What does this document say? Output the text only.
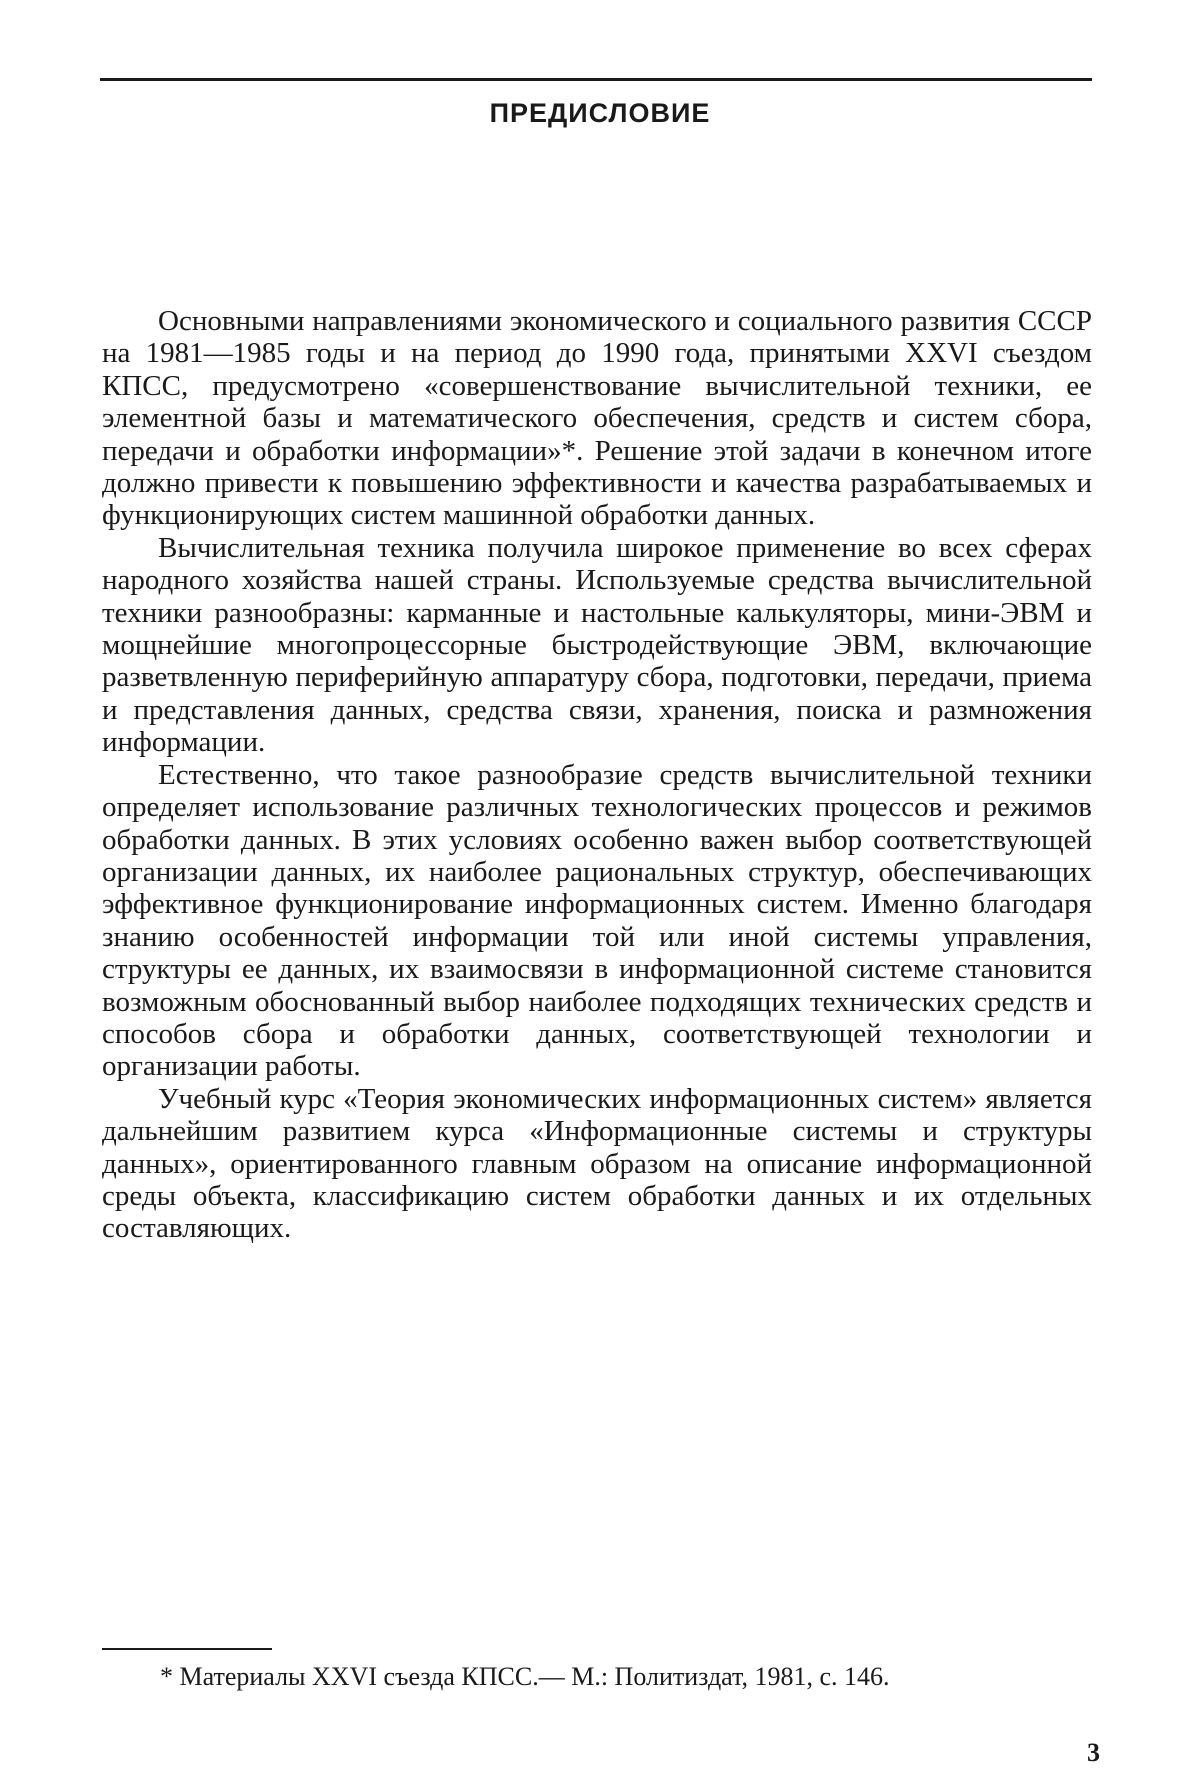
ПРЕДИСЛОВИЕ

Основными направлениями экономического и социального развития СССР на 1981—1985 годы и на период до 1990 года, принятыми XXVI съездом КПСС, предусмотрено «совершенствование вычислительной техники, ее элементной базы и математического обеспечения, средств и систем сбора, передачи и обработки информации»*. Решение этой задачи в конечном итоге должно привести к повышению эффективности и качества разрабатываемых и функционирующих систем машинной обработки данных.

Вычислительная техника получила широкое применение во всех сферах народного хозяйства нашей страны. Используемые средства вычислительной техники разнообразны: карманные и настольные калькуляторы, мини-ЭВМ и мощнейшие многопроцессорные быстродействующие ЭВМ, включающие разветвленную периферийную аппаратуру сбора, подготовки, передачи, приема и представления данных, средства связи, хранения, поиска и размножения информации.

Естественно, что такое разнообразие средств вычислительной техники определяет использование различных технологических процессов и режимов обработки данных. В этих условиях особенно важен выбор соответствующей организации данных, их наиболее рациональных структур, обеспечивающих эффективное функционирование информационных систем. Именно благодаря знанию особенностей информации той или иной системы управления, структуры ее данных, их взаимосвязи в информационной системе становится возможным обоснованный выбор наиболее подходящих технических средств и способов сбора и обработки данных, соответствующей технологии и организации работы.

Учебный курс «Теория экономических информационных систем» является дальнейшим развитием курса «Информационные системы и структуры данных», ориентированного главным образом на описание информационной среды объекта, классификацию систем обработки данных и их отдельных составляющих.

* Материалы XXVI съезда КПСС.— М.: Политиздат, 1981, с. 146.
3
